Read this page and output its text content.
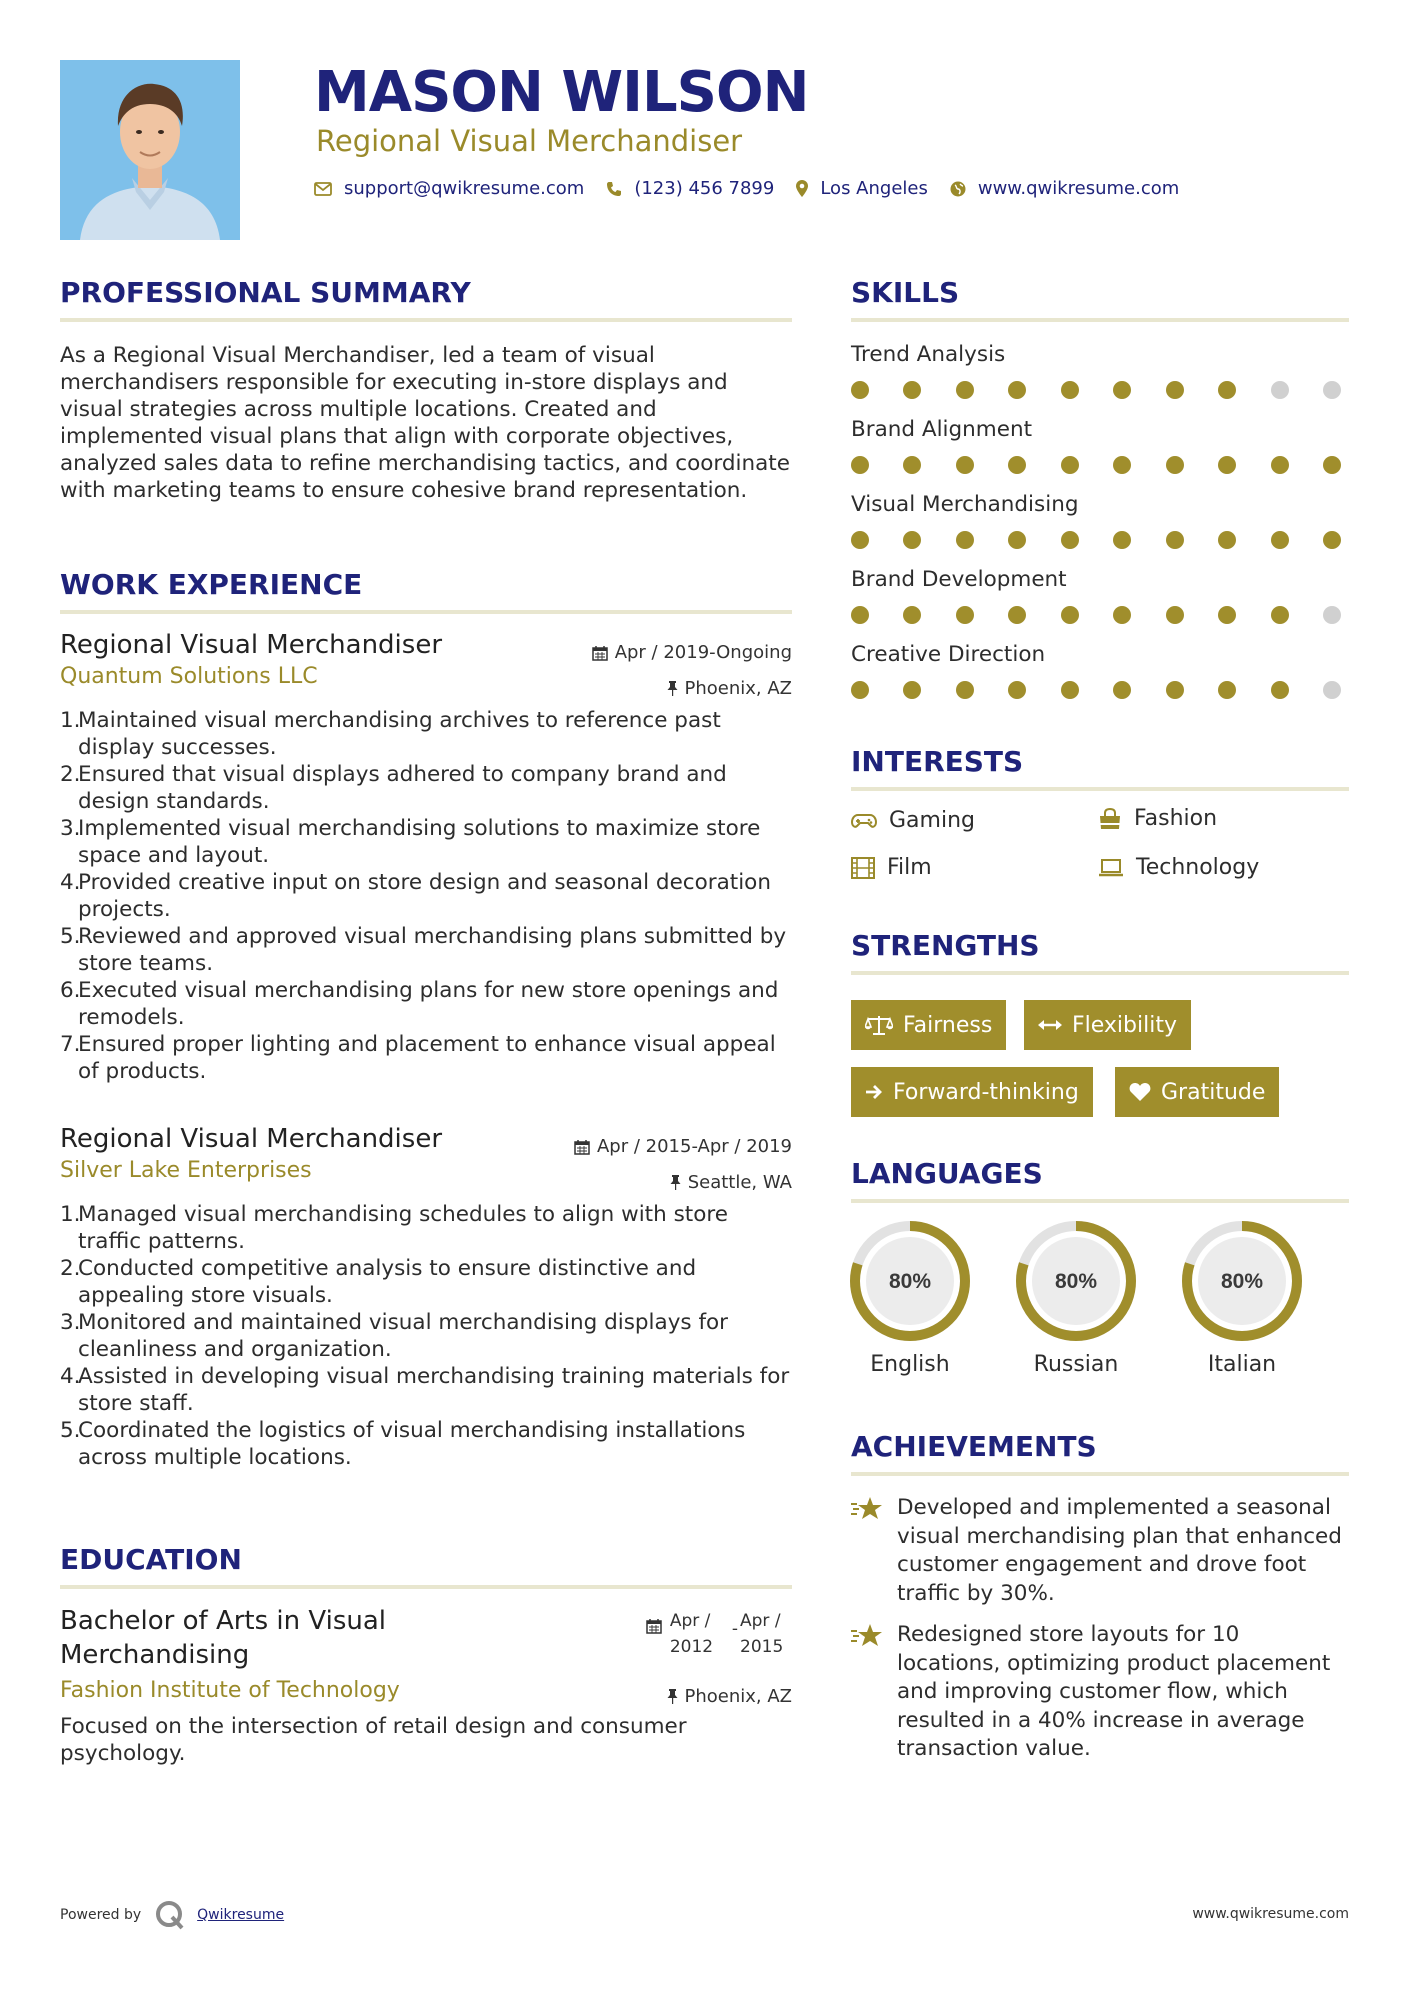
MASON WILSON
Regional Visual Merchandiser
support@qwikresume.com	(123) 456 7899	Los Angeles	www.qwikresume.com
PROFESSIONAL SUMMARY
As a Regional Visual Merchandiser, led a team of visual merchandisers responsible for executing in-store displays and visual strategies across multiple locations. Created and implemented visual plans that align with corporate objectives, analyzed sales data to refine merchandising tactics, and coordinate with marketing teams to ensure cohesive brand representation.
WORK EXPERIENCE
Regional Visual Merchandiser	Apr / 2019-Ongoing
Quantum Solutions LLC	Phoenix, AZ
1.
Maintained visual merchandising archives to reference past display successes.
2.
Ensured that visual displays adhered to company brand and design standards.
3.
Implemented visual merchandising solutions to maximize store space and layout.
4.
Provided creative input on store design and seasonal decoration projects.
5.
Reviewed and approved visual merchandising plans submitted by store teams.
6.
Executed visual merchandising plans for new store openings and remodels.
7.
Ensured proper lighting and placement to enhance visual appeal of products.
Regional Visual Merchandiser	Apr / 2015-Apr / 2019
Silver Lake Enterprises	Seattle, WA
1.
Managed visual merchandising schedules to align with store traffic patterns.
2.
Conducted competitive analysis to ensure distinctive and appealing store visuals.
3.
Monitored and maintained visual merchandising displays for cleanliness and organization.
4.
Assisted in developing visual merchandising training materials for store staff.
5.
Coordinated the logistics of visual merchandising installations across multiple locations.
EDUCATION
Bachelor of Arts in Visual Merchandising
Apr /
2012
- Apr /
2015
Fashion Institute of Technology	Phoenix, AZ
Focused on the intersection of retail design and consumer psychology.
SKILLS
Trend Analysis
Brand Alignment
Visual Merchandising
Brand Development
Creative Direction
INTERESTS
Gaming	Fashion
Film	Technology
STRENGTHS
Fairness	Flexibility
Forward-thinking	Gratitude
LANGUAGES
80%
English
80%
Russian
80%
Italian
ACHIEVEMENTS
Developed and implemented a seasonal visual merchandising plan that enhanced customer engagement and drove foot traffic by 30%.
Redesigned store layouts for 10 locations, optimizing product placement and improving customer flow, which resulted in a 40% increase in average transaction value.
Powered by	Qwikresume	www.qwikresume.com
